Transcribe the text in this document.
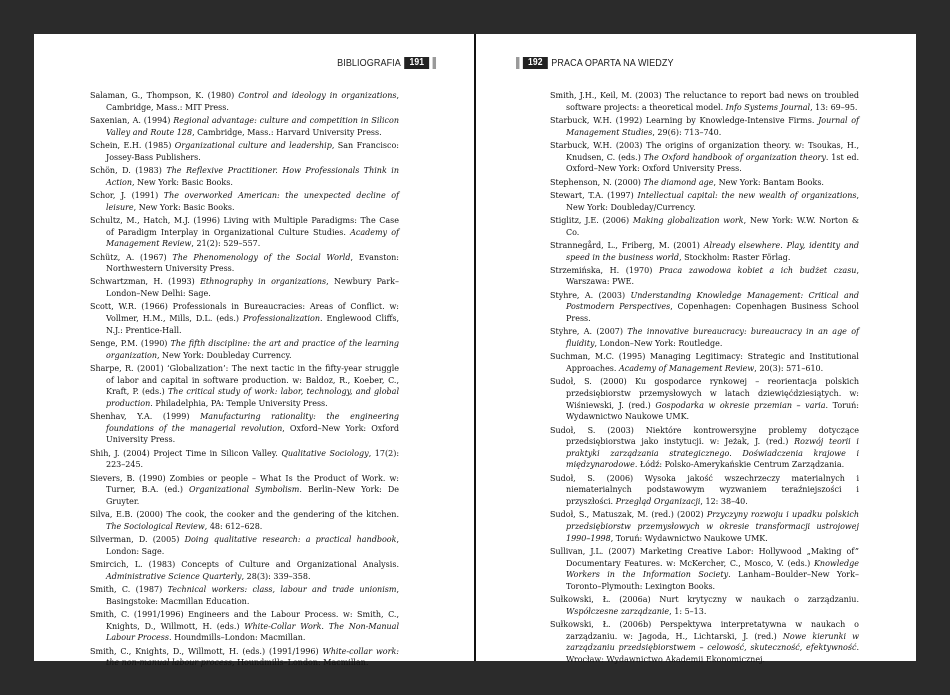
BIBLIOGRAFIA 191

Salaman, G., Thompson, K. (1980) Control and ideology in organizations, Cambridge, Mass.: MIT Press.

Saxenian, A. (1994) Regional advantage: culture and competition in Silicon Valley and Route 128, Cambridge, Mass.: Harvard University Press.

Schein, E.H. (1985) Organizational culture and leadership, San Francisco: Jossey-Bass Publishers.

Schön, D. (1983) The Reflexive Practitioner. How Professionals Think in Action, New York: Basic Books.

Schor, J. (1991) The overworked American: the unexpected decline of leisure, New York: Basic Books.

Schultz, M., Hatch, M.J. (1996) Living with Multiple Paradigms: The Case of Paradigm Interplay in Organizational Culture Studies. Academy of Management Review, 21(2): 529–557.

Schütz, A. (1967) The Phenomenology of the Social World, Evanston: Northwestern University Press.

Schwartzman, H. (1993) Ethnography in organizations, Newbury Park–London–New Delhi: Sage.

Scott, W.R. (1966) Professionals in Bureaucracies: Areas of Conflict. w: Vollmer, H.M., Mills, D.L. (eds.) Professionalization. Englewood Cliffs, N.J.: Prentice-Hall.

Senge, P.M. (1990) The fifth discipline: the art and practice of the learning organization, New York: Doubleday Currency.

Sharpe, R. (2001) ‘Globalization’: The next tactic in the fifty-year struggle of labor and capital in software production. w: Baldoz, R., Koeber, C., Kraft, P. (eds.) The critical study of work: labor, technology, and global production. Philadelphia, PA: Temple University Press.

Shenhav, Y.A. (1999) Manufacturing rationality: the engineering foundations of the managerial revolution, Oxford–New York: Oxford University Press.

Shih, J. (2004) Project Time in Silicon Valley. Qualitative Sociology, 17(2): 223–245.

Sievers, B. (1990) Zombies or people – What Is the Product of Work. w: Turner, B.A. (ed.) Organizational Symbolism. Berlin–New York: De Gruyter.

Silva, E.B. (2000) The cook, the cooker and the gendering of the kitchen. The Sociological Review, 48: 612–628.

Silverman, D. (2005) Doing qualitative research: a practical handbook, London: Sage.

Smircich, L. (1983) Concepts of Culture and Organizational Analysis. Administrative Science Quarterly, 28(3): 339–358.

Smith, C. (1987) Technical workers: class, labour and trade unionism, Basingstoke: Macmillan Education.

Smith, C. (1991/1996) Engineers and the Labour Process. w: Smith, C., Knights, D., Willmott, H. (eds.) White-Collar Work. The Non-Manual Labour Process. Houndmills–London: Macmillan.

Smith, C., Knights, D., Willmott, H. (eds.) (1991/1996) White-collar work: the non-manual labour process, Houndmills–London: Macmillan.

192 PRACA OPARTA NA WIEDZY

Smith, J.H., Keil, M. (2003) The reluctance to report bad news on troubled software projects: a theoretical model. Info Systems Journal, 13: 69–95.

Starbuck, W.H. (1992) Learning by Knowledge-Intensive Firms. Journal of Management Studies, 29(6): 713–740.

Starbuck, W.H. (2003) The origins of organization theory. w: Tsoukas, H., Knudsen, C. (eds.) The Oxford handbook of organization theory. 1st ed. Oxford–New York: Oxford University Press.

Stephenson, N. (2000) The diamond age, New York: Bantam Books.

Stewart, T.A. (1997) Intellectual capital: the new wealth of organizations, New York: Doubleday/Currency.

Stiglitz, J.E. (2006) Making globalization work, New York: W.W. Norton & Co.

Strannegård, L., Friberg, M. (2001) Already elsewhere. Play, identity and speed in the business world, Stockholm: Raster Förlag.

Strzemińska, H. (1970) Praca zawodowa kobiet a ich budżet czasu, Warszawa: PWE.

Styhre, A. (2003) Understanding Knowledge Management: Critical and Postmodern Perspectives, Copenhagen: Copenhagen Business School Press.

Styhre, A. (2007) The innovative bureaucracy: bureaucracy in an age of fluidity, London–New York: Routledge.

Suchman, M.C. (1995) Managing Legitimacy: Strategic and Institutional Approaches. Academy of Management Review, 20(3): 571–610.

Sudoł, S. (2000) Ku gospodarce rynkowej – reorientacja polskich przedsiębiorstw przemysłowych w latach dziewięćdziesiątych. w: Wiśniewski, J. (red.) Gospodarka w okresie przemian – varia. Toruń: Wydawnictwo Naukowe UMK.

Sudoł, S. (2003) Niektóre kontrowersyjne problemy dotyczące przedsiębiorstwa jako instytucji. w: Jeżak, J. (red.) Rozwój teorii i praktyki zarządzania strategicznego. Doświadczenia krajowe i międzynarodowe. Łódź: Polsko-Amerykańskie Centrum Zarządzania.

Sudoł, S. (2006) Wysoka jakość wszechrzeczy materialnych i niematerialnych podstawowym wyzwaniem teraźniejszości i przyszłości. Przegląd Organizacji, 12: 38–40.

Sudoł, S., Matuszak, M. (red.) (2002) Przyczyny rozwoju i upadku polskich przedsiębiorstw przemysłowych w okresie transformacji ustrojowej 1990–1998, Toruń: Wydawnictwo Naukowe UMK.

Sullivan, J.L. (2007) Marketing Creative Labor: Hollywood „Making of” Documentary Features. w: McKercher, C., Mosco, V. (eds.) Knowledge Workers in the Information Society. Lanham–Boulder–New York–Toronto–Plymouth: Lexington Books.

Sułkowski, Ł. (2006a) Nurt krytyczny w naukach o zarządzaniu. Współczesne zarządzanie, 1: 5–13.

Sułkowski, Ł. (2006b) Perspektywa interpretatywna w naukach o zarządzaniu. w: Jagoda, H., Lichtarski, J. (red.) Nowe kierunki w zarządzaniu przedsiębiorstwem – celowość, skuteczność, efektywność. Wrocław: Wydawnictwo Akademii Ekonomicznej.
